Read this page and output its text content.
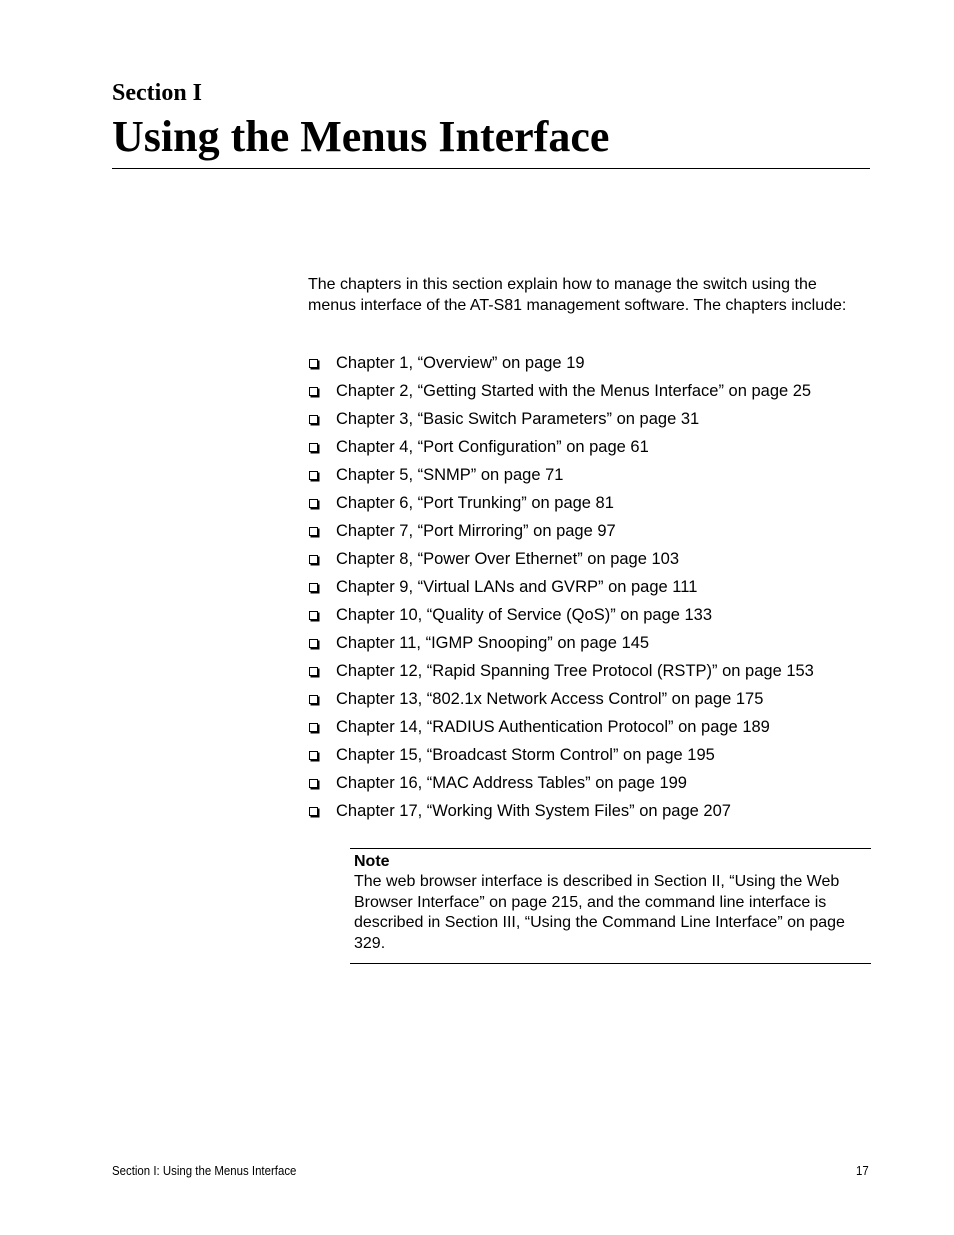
Section I
Using the Menus Interface

The chapters in this section explain how to manage the switch using the menus interface of the AT-S81 management software. The chapters include:

Chapter 1, “Overview” on page 19
Chapter 2, “Getting Started with the Menus Interface” on page 25
Chapter 3, “Basic Switch Parameters” on page 31
Chapter 4, “Port Configuration” on page 61
Chapter 5, “SNMP” on page 71
Chapter 6, “Port Trunking” on page 81
Chapter 7, “Port Mirroring” on page 97
Chapter 8, “Power Over Ethernet” on page 103
Chapter 9, “Virtual LANs and GVRP” on page 111
Chapter 10, “Quality of Service (QoS)” on page 133
Chapter 11, “IGMP Snooping” on page 145
Chapter 12, “Rapid Spanning Tree Protocol (RSTP)” on page 153
Chapter 13, “802.1x Network Access Control” on page 175
Chapter 14, “RADIUS Authentication Protocol” on page 189
Chapter 15, “Broadcast Storm Control” on page 195
Chapter 16, “MAC Address Tables” on page 199
Chapter 17, “Working With System Files” on page 207
Note
The web browser interface is described in Section II, “Using the Web Browser Interface” on page 215, and the command line interface is described in Section III, “Using the Command Line Interface” on page 329.
Section I: Using the Menus Interface	17
